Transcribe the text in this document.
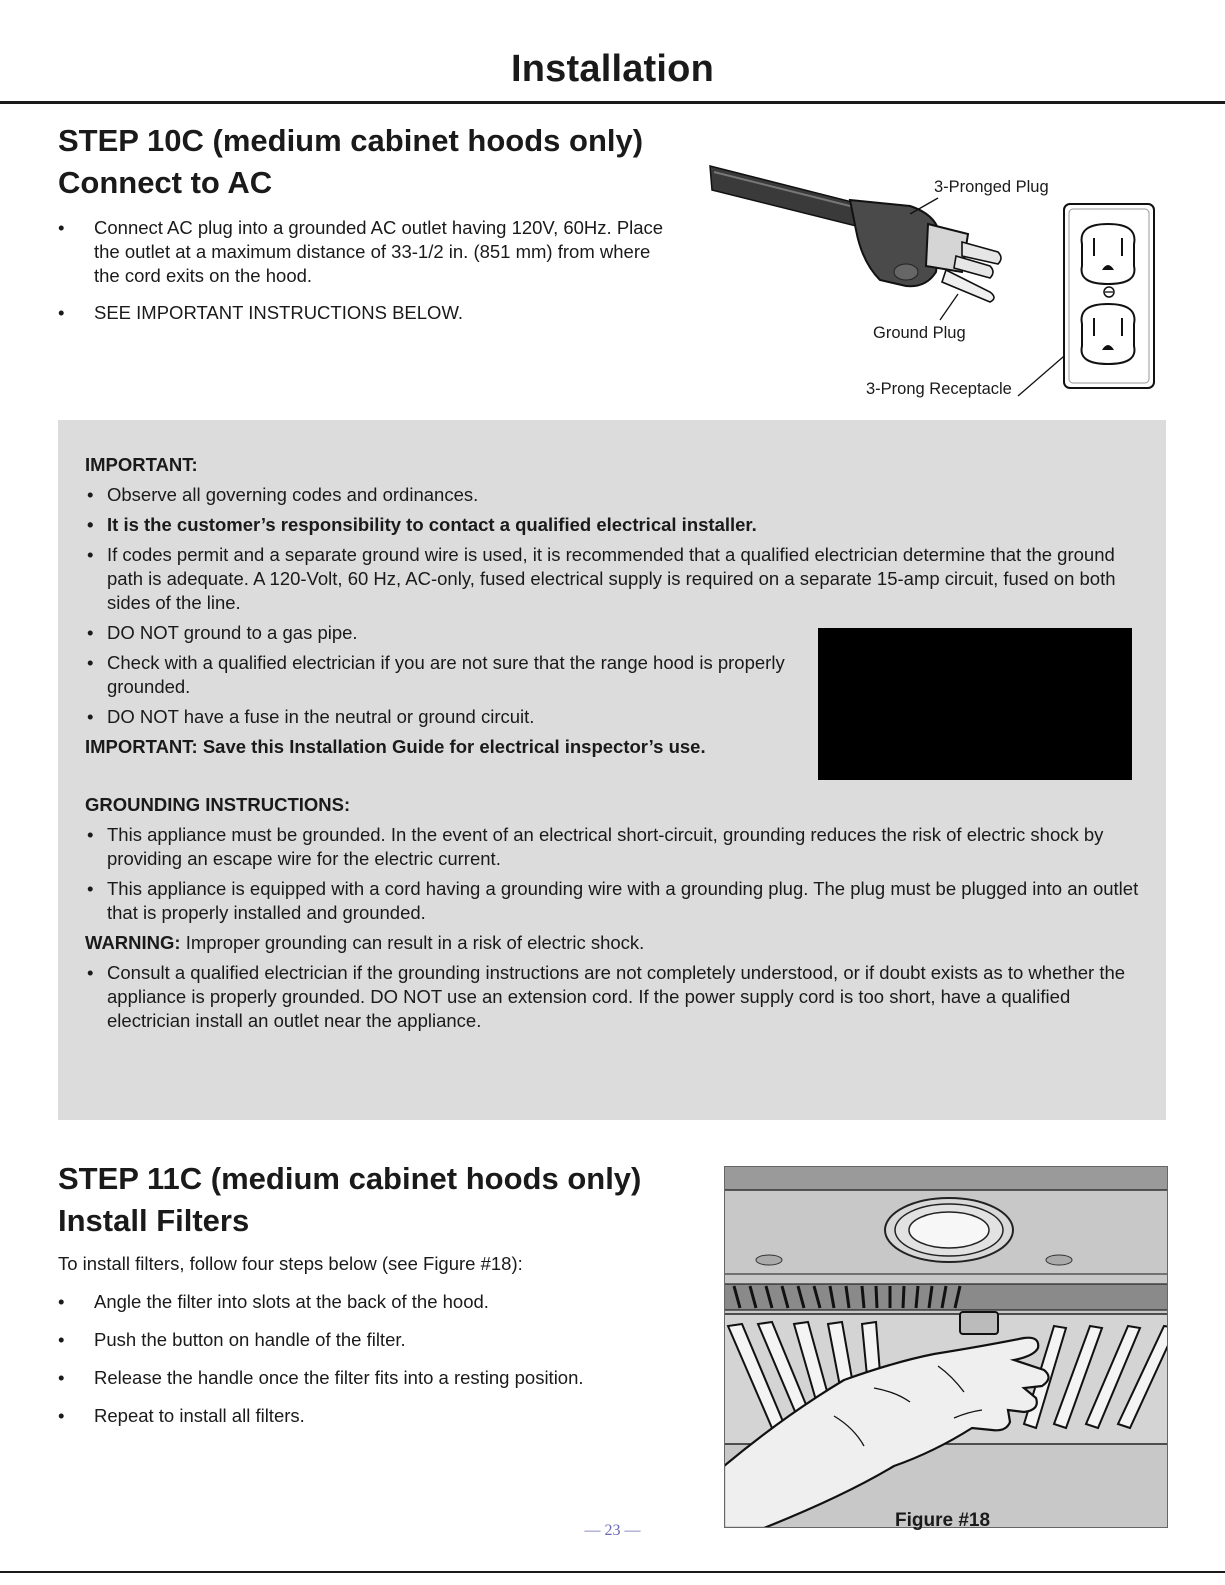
Installation
STEP 10C (medium cabinet hoods only)
Connect to AC
• Connect AC plug into a grounded AC outlet having 120V, 60Hz. Place the outlet at a maximum distance of 33-1/2 in. (851 mm) from where the cord exits on the hood.
• SEE IMPORTANT INSTRUCTIONS BELOW.
3-Pronged Plug
Ground Plug
3-Prong Receptacle

IMPORTANT:

• Observe all governing codes and ordinances.
• It is the customer’s responsibility to contact a qualified electrical installer.
• If codes permit and a separate ground wire is used, it is recommended that a qualified electrician determine that the ground path is adequate. A 120-Volt, 60 Hz, AC-only, fused electrical supply is required on a separate 15-amp circuit, fused on both sides of the line.
• DO NOT ground to a gas pipe.
• Check with a qualified electrician if you are not sure that the range hood is properly grounded.
• DO NOT have a fuse in the neutral or ground circuit.

IMPORTANT: Save this Installation Guide for electrical inspector’s use.

GROUNDING INSTRUCTIONS:

• This appliance must be grounded. In the event of an electrical short-circuit, grounding reduces the risk of electric shock by providing an escape wire for the electric current.
• This appliance is equipped with a cord having a grounding wire with a grounding plug. The plug must be plugged into an outlet that is properly installed and grounded.

WARNING: Improper grounding can result in a risk of electric shock.

• Consult a qualified electrician if the grounding instructions are not completely understood, or if doubt exists as to whether the appliance is properly grounded. DO NOT use an extension cord. If the power supply cord is too short, have a qualified electrician install an outlet near the appliance.
STEP 11C (medium cabinet hoods only)
Install Filters
To install filters, follow four steps below (see Figure #18):
• Angle the filter into slots at the back of the hood.
• Push the button on handle of the filter.
• Release the handle once the filter fits into a resting position.
• Repeat to install all filters.
Figure #18
— 23 —
